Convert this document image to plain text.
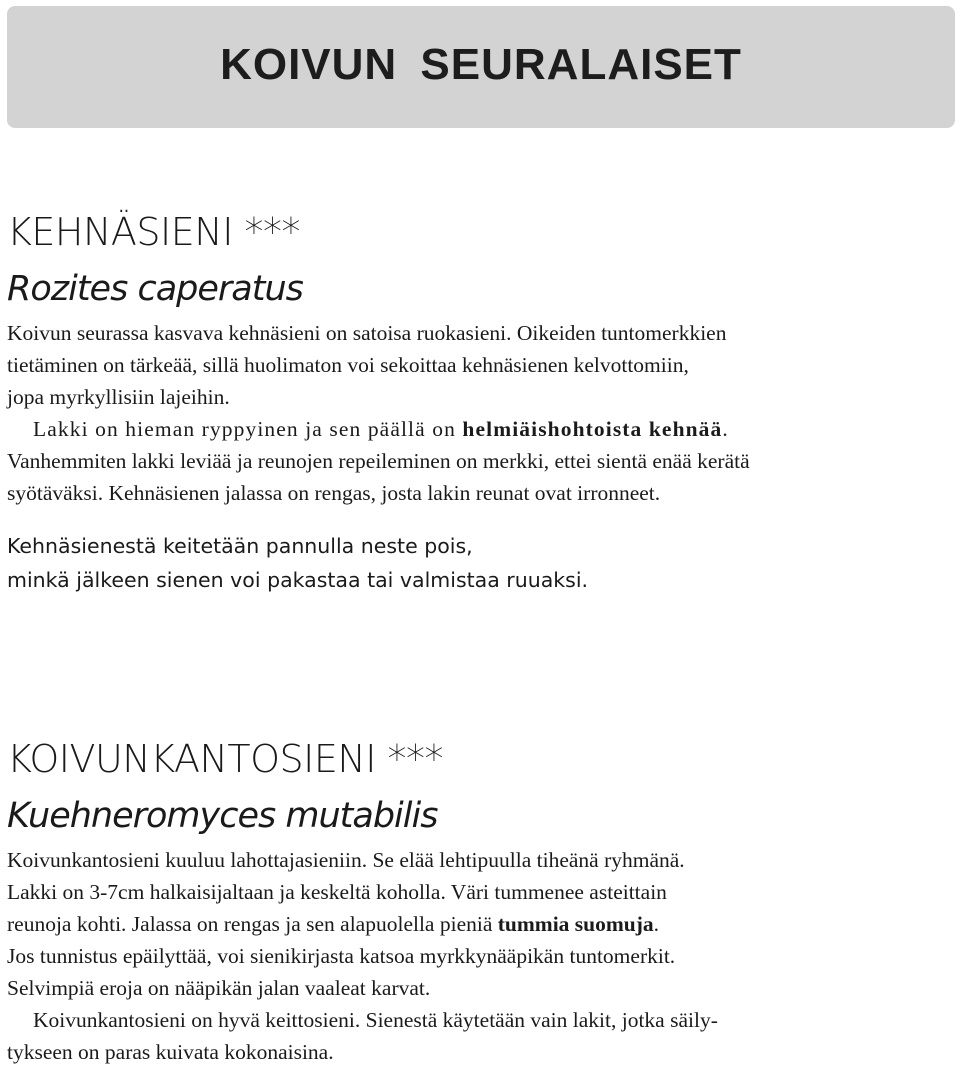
KOIVUN SEURALAISET
KEHNÄSIENI ***
Rozites caperatus
Koivun seurassa kasvava kehnäsieni on satoisa ruokasieni. Oikeiden tuntomerkkien
tietäminen on tärkeää, sillä huolimaton voi sekoittaa kehnäsienen kelvottomiin,
jopa myrkyllisiin lajeihin.
Lakki on hieman ryppyinen ja sen päällä on helmiäishohtoista kehnää.
Vanhemmiten lakki leviää ja reunojen repeileminen on merkki, ettei sientä enää kerätä
syötäväksi. Kehnäsienen jalassa on rengas, josta lakin reunat ovat irronneet.
Kehnäsienestä keitetään pannulla neste pois,
minkä jälkeen sienen voi pakastaa tai valmistaa ruuaksi.
KOIVUNKANTOSIENI ***
Kuehneromyces mutabilis
Koivunkantosieni kuuluu lahottajasieniin. Se elää lehtipuulla tiheänä ryhmänä.
Lakki on 3-7cm halkaisijaltaan ja keskeltä koholla. Väri tummenee asteittain
reunoja kohti. Jalassa on rengas ja sen alapuolella pieniä tummia suomuja.
Jos tunnistus epäilyttää, voi sienikirjasta katsoa myrkkynääpikän tuntomerkit.
Selvimpiä eroja on nääpikän jalan vaaleat karvat.
Koivunkantosieni on hyvä keittosieni. Sienestä käytetään vain lakit, jotka säily-
tykseen on paras kuivata kokonaisina.
